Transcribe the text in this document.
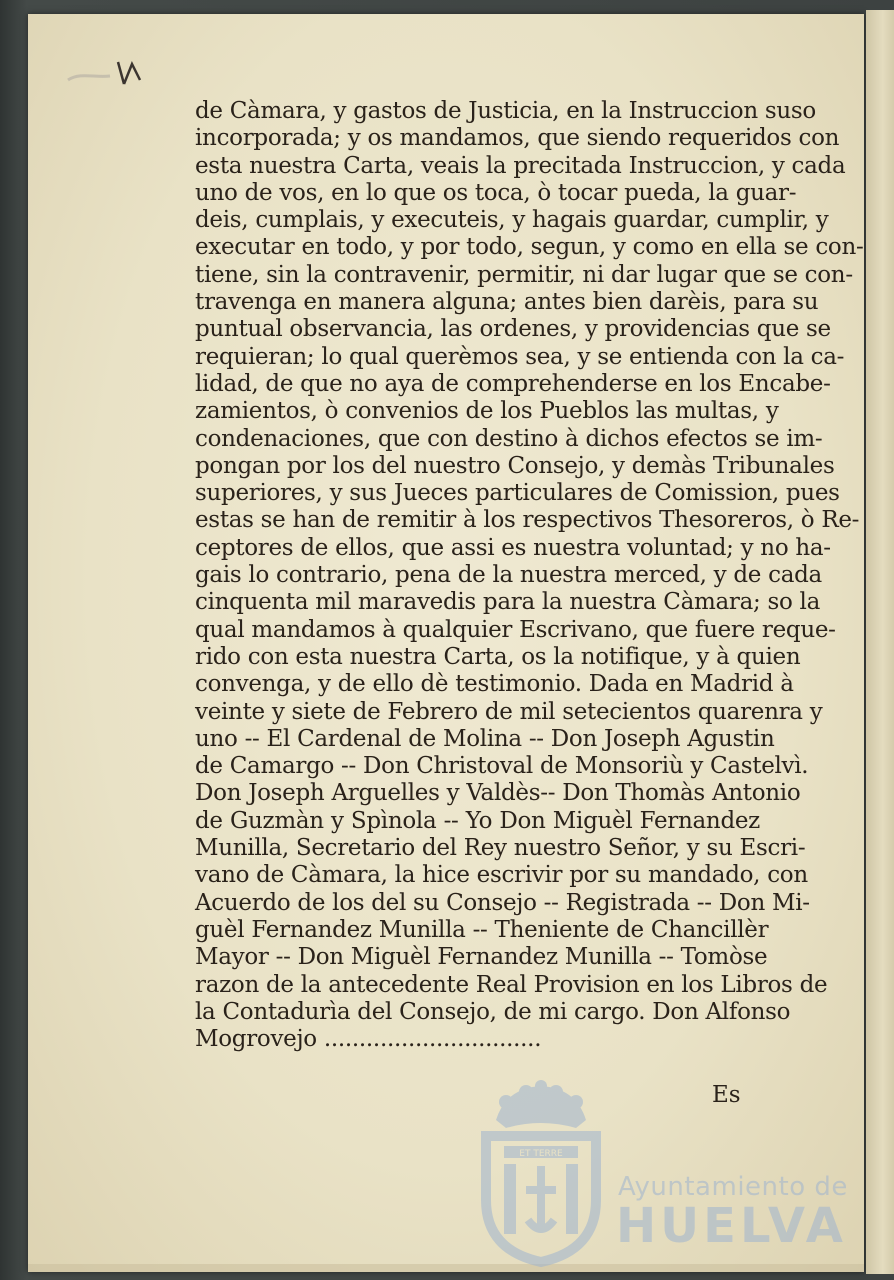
de Càmara, y gastos de Justicia, en la Instruccion suso
incorporada; y os mandamos, que siendo requeridos con
esta nuestra Carta, veais la precitada Instruccion, y cada
uno de vos, en lo que os toca, ò tocar pueda, la guar-
deis, cumplais, y executeis, y hagais guardar, cumplir, y
executar en todo, y por todo, segun, y como en ella se con-
tiene, sin la contravenir, permitir, ni dar lugar que se con-
travenga en manera alguna; antes bien darèis, para su
puntual observancia, las ordenes, y providencias que se
requieran; lo qual querèmos sea, y se entienda con la ca-
lidad, de que no aya de comprehenderse en los Encabe-
zamientos, ò convenios de los Pueblos las multas, y
condenaciones, que con destino à dichos efectos se im-
pongan por los del nuestro Consejo, y demàs Tribunales
superiores, y sus Jueces particulares de Comission, pues
estas se han de remitir à los respectivos Thesoreros, ò Re-
ceptores de ellos, que assi es nuestra voluntad; y no ha-
gais lo contrario, pena de la nuestra merced, y de cada
cinquenta mil maravedis para la nuestra Càmara; so la
qual mandamos à qualquier Escrivano, que fuere reque-
rido con esta nuestra Carta, os la notifique, y à quien
convenga, y de ello dè testimonio. Dada en Madrid à
veinte y siete de Febrero de mil setecientos quarenra y
uno -- El Cardenal de Molina -- Don Joseph Agustin
de Camargo -- Don Christoval de Monsoriù y Castelvì.
Don Joseph Arguelles y Valdès-- Don Thomàs Antonio
de Guzmàn y Spìnola -- Yo Don Miguèl Fernandez
Munilla, Secretario del Rey nuestro Señor, y su Escri-
vano de Càmara, la hice escrivir por su mandado, con
Acuerdo de los del su Consejo -- Registrada -- Don Mi-
guèl Fernandez Munilla -- Theniente de Chancillèr
Mayor -- Don Miguèl Fernandez Munilla -- Tomòse
razon de la antecedente Real Provision en los Libros de
la Contadurìa del Consejo, de mi cargo. Don Alfonso
Mogrovejo ...............................
Es
ET TERRE
Ayuntamiento de
HUELVA
